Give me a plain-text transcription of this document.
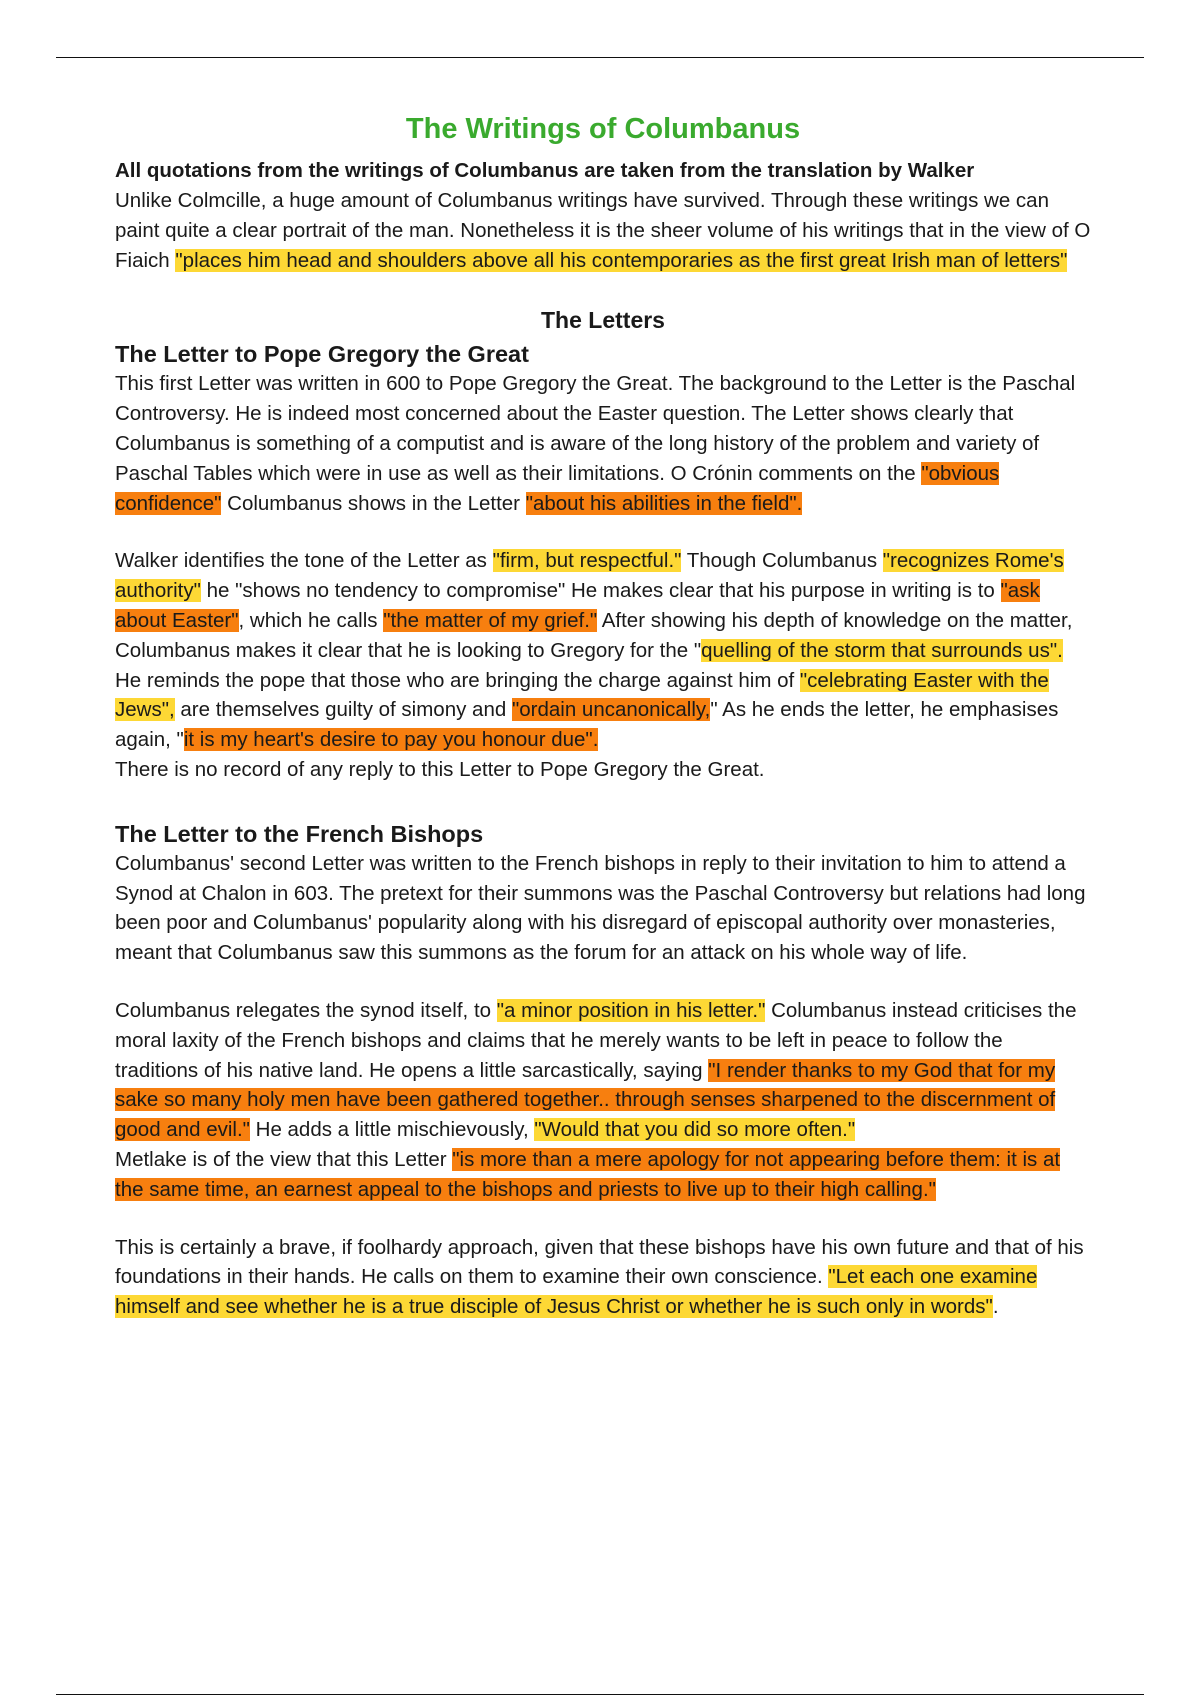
The Writings of Columbanus

All quotations from the writings of Columbanus are taken from the translation by Walker

Unlike Colmcille, a huge amount of Columbanus writings have survived. Through these writings we can paint quite a clear portrait of the man. Nonetheless it is the sheer volume of his writings that in the view of O Fiaich "places him head and shoulders above all his contemporaries as the first great Irish man of letters"

The Letters
The Letter to Pope Gregory the Great

This first Letter was written in 600 to Pope Gregory the Great. The background to the Letter is the Paschal Controversy. He is indeed most concerned about the Easter question. The Letter shows clearly that Columbanus is something of a computist and is aware of the long history of the problem and variety of Paschal Tables which were in use as well as their limitations. O Crónin comments on the "obvious confidence" Columbanus shows in the Letter "about his abilities in the field".

Walker identifies the tone of the Letter as "firm, but respectful." Though Columbanus "recognizes Rome's authority" he "shows no tendency to compromise" He makes clear that his purpose in writing is to "ask about Easter", which he calls "the matter of my grief." After showing his depth of knowledge on the matter, Columbanus makes it clear that he is looking to Gregory for the "quelling of the storm that surrounds us". He reminds the pope that those who are bringing the charge against him of "celebrating Easter with the Jews", are themselves guilty of simony and "ordain uncanonically," As he ends the letter, he emphasises again, "it is my heart's desire to pay you honour due".

There is no record of any reply to this Letter to Pope Gregory the Great.

The Letter to the French Bishops

Columbanus' second Letter was written to the French bishops in reply to their invitation to him to attend a Synod at Chalon in 603. The pretext for their summons was the Paschal Controversy but relations had long been poor and Columbanus' popularity along with his disregard of episcopal authority over monasteries, meant that Columbanus saw this summons as the forum for an attack on his whole way of life.

Columbanus relegates the synod itself, to "a minor position in his letter." Columbanus instead criticises the moral laxity of the French bishops and claims that he merely wants to be left in peace to follow the traditions of his native land. He opens a little sarcastically, saying "I render thanks to my God that for my sake so many holy men have been gathered together.. through senses sharpened to the discernment of good and evil." He adds a little mischievously, "Would that you did so more often."

Metlake is of the view that this Letter "is more than a mere apology for not appearing before them: it is at the same time, an earnest appeal to the bishops and priests to live up to their high calling."

This is certainly a brave, if foolhardy approach, given that these bishops have his own future and that of his foundations in their hands. He calls on them to examine their own conscience. "Let each one examine himself and see whether he is a true disciple of Jesus Christ or whether he is such only in words".
